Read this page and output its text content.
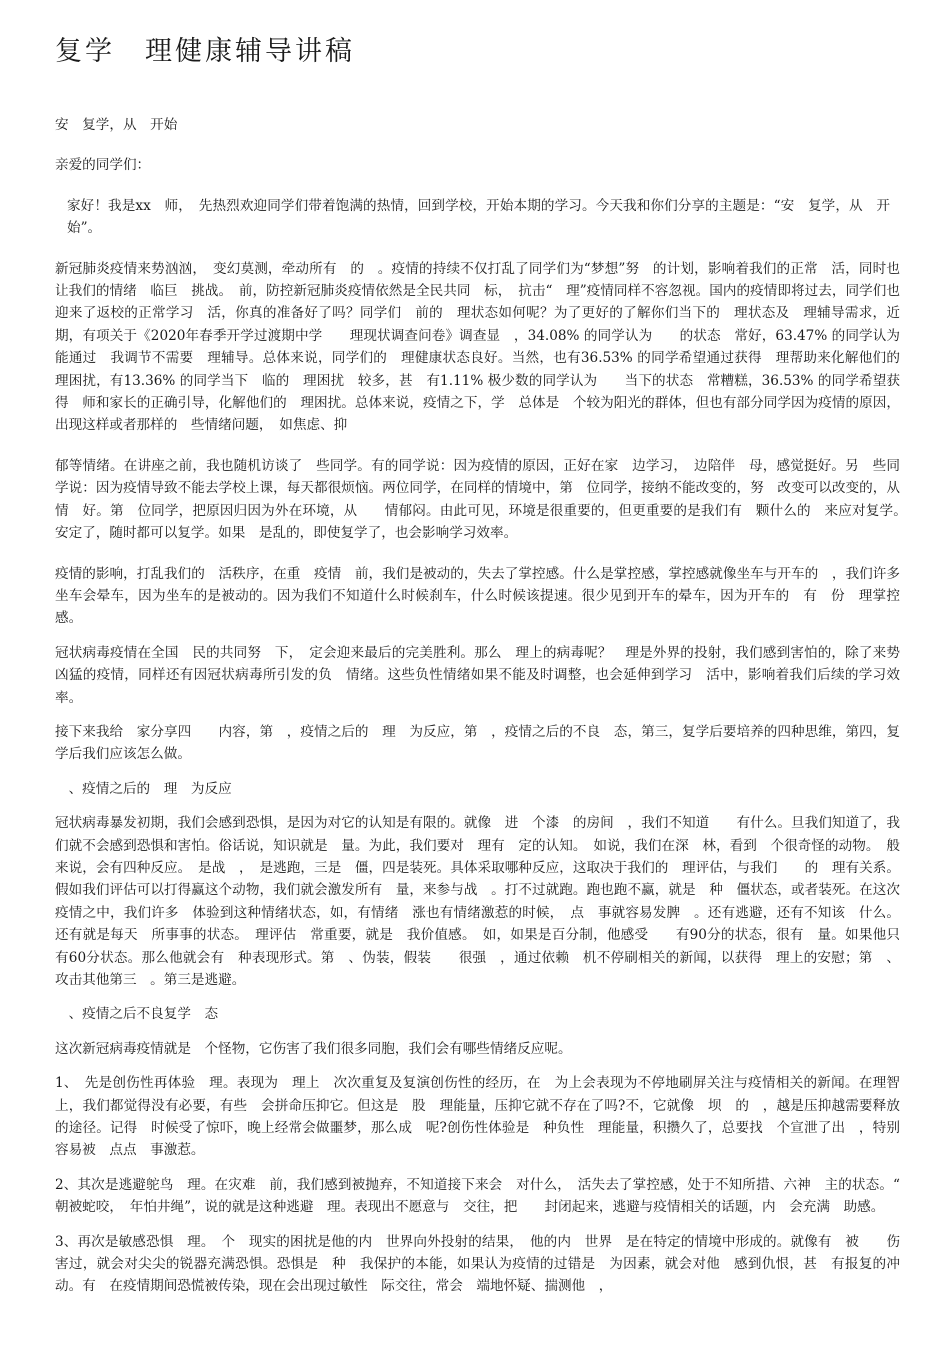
复学　理健康辅导讲稿

安　复学，从　开始

亲爱的同学们：

家好！我是xx　师，　先热烈欢迎同学们带着饱满的热情，回到学校，开始本期的学习。今天我和你们分享的主题是：“安　复学，从　开始”。

新冠肺炎疫情来势汹汹，　变幻莫测，牵动所有　的　。疫情的持续不仅打乱了同学们为“梦想”努　的计划，影响着我们的正常　活，同时也让我们的情绪　临巨　挑战。　前，防控新冠肺炎疫情依然是全民共同　标，　抗击“　理”疫情同样不容忽视。国内的疫情即将过去，同学们也迎来了返校的正常学习　活，你真的准备好了吗？同学们　前的　理状态如何呢？为了更好的了解你们当下的　理状态及　理辅导需求，近期，有项关于《2020年春季开学过渡期中学　　理现状调查问卷》调查显　，34.08% 的同学认为　　的状态　常好，63.47% 的同学认为　　能通过　我调节不需要　理辅导。总体来说，同学们的　理健康状态良好。当然，也有36.53% 的同学希望通过获得　理帮助来化解他们的　理困扰，有13.36% 的同学当下　临的　理困扰　较多，甚　有1.11% 极少数的同学认为　　当下的状态　常糟糕，36.53% 的同学希望获得　师和家长的正确引导，化解他们的　理困扰。总体来说，疫情之下，学　总体是　个较为阳光的群体，但也有部分同学因为疫情的原因，出现这样或者那样的　些情绪问题，　如焦虑、抑

郁等情绪。在讲座之前，我也随机访谈了　些同学。有的同学说：因为疫情的原因，正好在家　边学习，　边陪伴　母，感觉挺好。另　些同学说：因为疫情导致不能去学校上课，每天都很烦恼。两位同学，在同样的情境中，第　位同学，接纳不能改变的，努　改变可以改变的，从　　情　好。第　位同学，把原因归因为外在环境，从　　情郁闷。由此可见，环境是很重要的，但更重要的是我们有　颗什么的　来应对复学。　安定了，随时都可以复学。如果　是乱的，即使复学了，也会影响学习效率。

疫情的影响，打乱我们的　活秩序，在重　疫情　前，我们是被动的，失去了掌控感。什么是掌控感，掌控感就像坐车与开车的　，我们许多坐车会晕车，因为坐车的是被动的。因为我们不知道什么时候刹车，什么时候该提速。很少见到开车的晕车，因为开车的　有　份　理掌控感。

冠状病毒疫情在全国　民的共同努　下，　定会迎来最后的完美胜利。那么　理上的病毒呢？　理是外界的投射，我们感到害怕的，除了来势凶猛的疫情，同样还有因冠状病毒所引发的负　情绪。这些负性情绪如果不能及时调整，也会延伸到学习　活中，影响着我们后续的学习效率。

接下来我给　家分享四　　内容，第　，疫情之后的　理　为反应，第　，疫情之后的不良　态，第三，复学后要培养的四种思维，第四，复学后我们应该怎么做。

　、疫情之后的　理　为反应

冠状病毒暴发初期，我们会感到恐惧，是因为对它的认知是有限的。就像　进　个漆　的房间　，我们不知道　　有什么。旦我们知道了，我们就不会感到恐惧和害怕。俗话说，知识就是　量。为此，我们要对　理有　定的认知。　如说，我们在深　林，看到　个很奇怪的动物。　般来说，会有四种反应。　是战　，　是逃跑，三是　僵，四是装死。具体采取哪种反应，这取决于我们的　理评估，与我们　　的　理有关系。假如我们评估可以打得赢这个动物，我们就会激发所有　量，来参与战　。打不过就跑。跑也跑不赢，就是　种　僵状态，或者装死。在这次疫情之中，我们许多　体验到这种情绪状态，如，有情绪　涨也有情绪激惹的时候，　点　事就容易发脾　。还有逃避，还有不知该　什么。还有就是每天　所事事的状态。　理评估　常重要，就是　我价值感。　如，如果是百分制，他感受　　有90分的状态，很有　量。如果他只有60分状态。那么他就会有　种表现形式。第　、伪装，假装　　很强　，通过依赖　机不停刷相关的新闻，以获得　理上的安慰；第　、攻击其他第三　。第三是逃避。

　、疫情之后不良复学　态

这次新冠病毒疫情就是　个怪物，它伤害了我们很多同胞，我们会有哪些情绪反应呢。

1、　先是创伤性再体验　理。表现为　理上　次次重复及复演创伤性的经历，在　为上会表现为不停地刷屏关注与疫情相关的新闻。在理智上，我们都觉得没有必要，有些　会拼命压抑它。但这是　股　理能量，压抑它就不存在了吗?不，它就像　坝　的　，越是压抑越需要释放的途径。记得　时候受了惊吓，晚上经常会做噩梦，那么成　呢?创伤性体验是　种负性　理能量，积攒久了，总要找　个宣泄了出　，特别容易被　点点　事激惹。

2、其次是逃避鸵鸟　理。在灾难　前，我们感到被抛弃，不知道接下来会　对什么，　活失去了掌控感，处于不知所措、六神　主的状态。“　朝被蛇咬，　年怕井绳”，说的就是这种逃避　理。表现出不愿意与　交往，把　　封闭起来，逃避与疫情相关的话题，内　会充满　助感。

3、再次是敏感恐惧　理。　个　现实的困扰是他的内　世界向外投射的结果，　他的内　世界　是在特定的情境中形成的。就像有　被　　伤害过，就会对尖尖的锐器充满恐惧。恐惧是　种　我保护的本能，如果认为疫情的过错是　为因素，就会对他　感到仇恨，甚　有报复的冲动。有　在疫情期间恐慌被传染，现在会出现过敏性　际交往，常会　端地怀疑、揣测他　，
